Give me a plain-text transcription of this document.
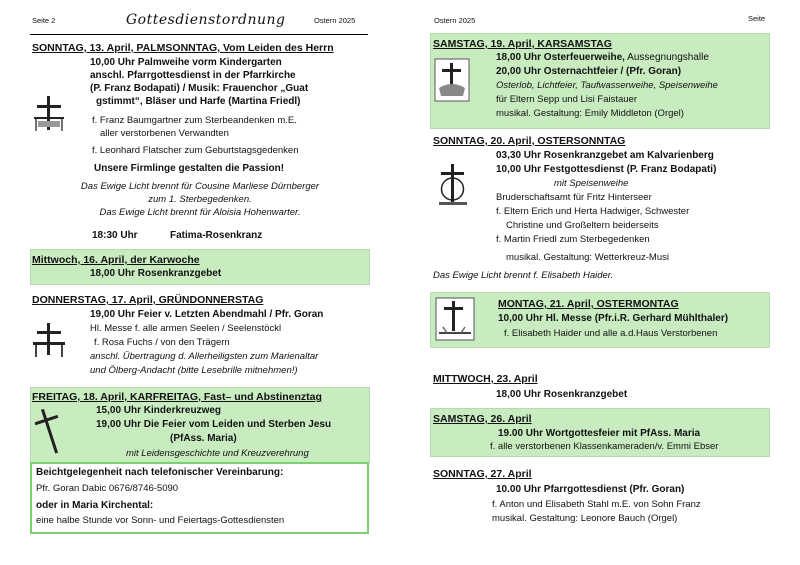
Seite 2	Gottesdienstordnung	Ostern 2025
SONNTAG, 13. April, PALMSONNTAG, Vom Leiden des Herrn
10,00 Uhr Palmweihe vorm Kindergarten
anschl. Pfarrgottesdienst in der Pfarrkirche
(P. Franz Bodapati) / Musik: Frauenchor „Guat
gstimmt“, Bläser und Harfe (Martina Friedl)
f. Franz Baumgartner zum Sterbeandenken m.E.
aller verstorbenen Verwandten
f. Leonhard Flatscher zum Geburtstagsgedenken
Unsere Firmlinge gestalten die Passion!
Das Ewige Licht brennt für Cousine Marliese Dürnberger
zum 1. Sterbegedenken.
Das Ewige Licht brennt für Aloisia Hohenwarter.
18:30 Uhr	Fatima-Rosenkranz
Mittwoch, 16. April, der Karwoche
18,00 Uhr Rosenkranzgebet
DONNERSTAG, 17. April, GRÜNDONNERSTAG
19,00 Uhr Feier v. Letzten Abendmahl / Pfr. Goran
Hl. Messe f. alle armen Seelen / Seelenstöckl
f. Rosa Fuchs / von den Trägern
anschl. Übertragung d. Allerheiligsten zum Marienaltar
und Ölberg-Andacht (bitte Lesebrille mitnehmen!)
FREITAG, 18. April, KARFREITAG, Fast– und Abstinenztag
15,00 Uhr Kinderkreuzweg
19,00 Uhr Die Feier vom Leiden und Sterben Jesu
(PfAss. Maria)
mit Leidensgeschichte und Kreuzverehrung
Beichtgelegenheit nach telefonischer Vereinbarung:
Pfr. Goran Dabic 0676/8746-5090
oder in Maria Kirchental:
eine halbe Stunde vor Sonn- und Feiertags-Gottesdiensten
Ostern 2025	Seite
SAMSTAG, 19. April, KARSAMSTAG
18,00 Uhr Osterfeuerweihe, Aussegnungshalle
20,00 Uhr Osternachtfeier / (Pfr. Goran)
Osterlob, Lichtfeier, Taufwasserweihe, Speisenweihe
für Eltern Sepp und Lisi Faistauer
musikal. Gestaltung: Emily Middleton (Orgel)
SONNTAG, 20. April, OSTERSONNTAG
03,30 Uhr Rosenkranzgebet am Kalvarienberg
10,00 Uhr Festgottesdienst (P. Franz Bodapati)
mit Speisenweihe
Bruderschaftsamt für Fritz Hinterseer
f. Eltern Erich und Herta Hadwiger, Schwester
Christine und Großeltern beiderseits
f. Martin Friedl zum Sterbegedenken
musikal. Gestaltung: Wetterkreuz-Musi
Das Ewige Licht brennt f. Elisabeth Haider.
MONTAG, 21. April, OSTERMONTAG
10,00 Uhr Hl. Messe (Pfr.i.R. Gerhard Mühlthaler)
f. Elisabeth Haider und alle a.d.Haus Verstorbenen
MITTWOCH, 23. April
18,00 Uhr Rosenkranzgebet
SAMSTAG, 26. April
19.00 Uhr Wortgottesfeier mit PfAss. Maria
f. alle verstorbenen Klassenkameraden/v. Emmi Ebser
SONNTAG, 27. April
10.00 Uhr Pfarrgottesdienst (Pfr. Goran)
f. Anton und Elisabeth Stahl m.E. von Sohn Franz
musikal. Gestaltung: Leonore Bauch (Orgel)
